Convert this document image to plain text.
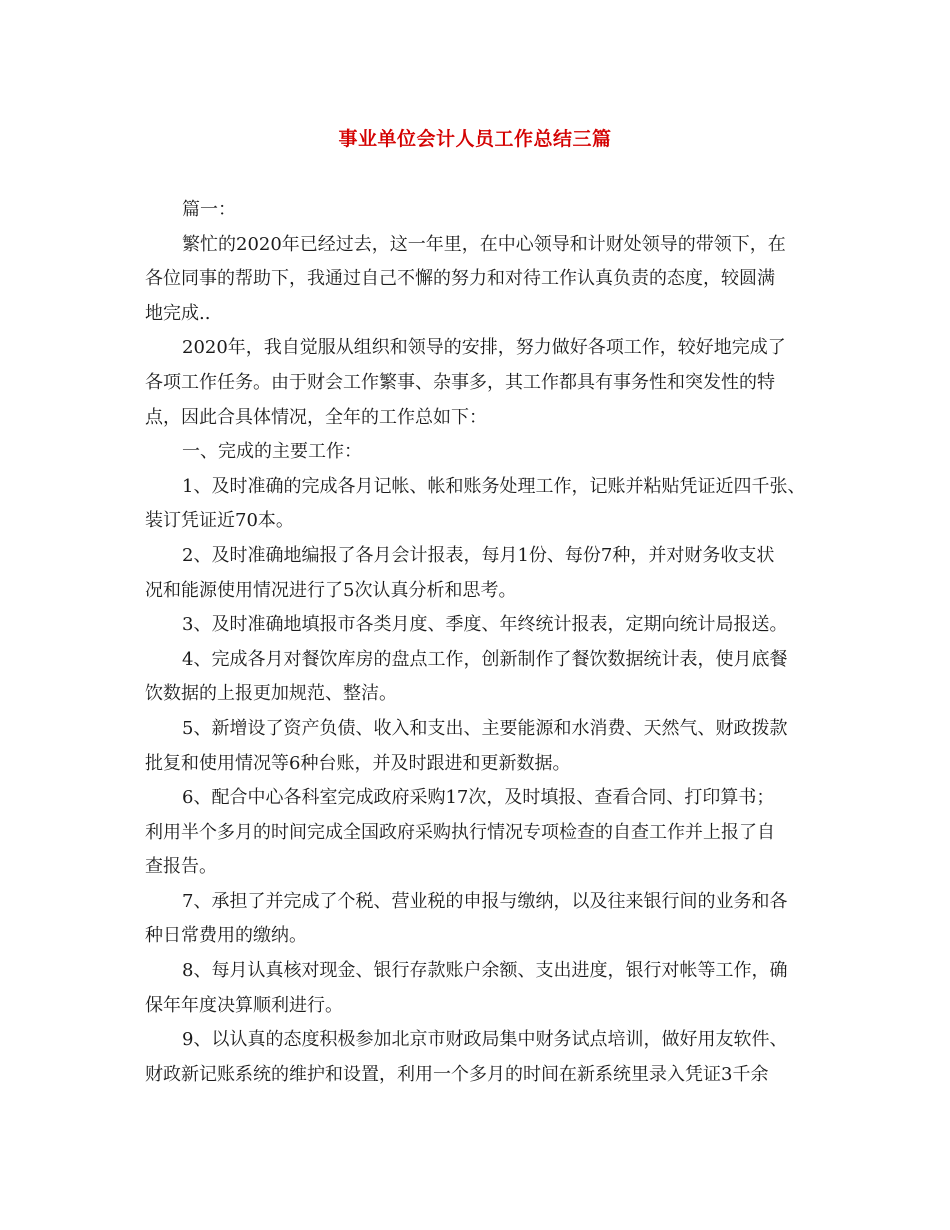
事业单位会计人员工作总结三篇
篇一：
繁忙的2020年已经过去，这一年里，在中心领导和计财处领导的带领下，在
各位同事的帮助下，我通过自己不懈的努力和对待工作认真负责的态度，较圆满
地完成..
2020年，我自觉服从组织和领导的安排，努力做好各项工作，较好地完成了
各项工作任务。由于财会工作繁事、杂事多，其工作都具有事务性和突发性的特
点，因此合具体情况，全年的工作总如下：
一、完成的主要工作：
1、及时准确的完成各月记帐、帐和账务处理工作，记账并粘贴凭证近四千张、
装订凭证近70本。
2、及时准确地编报了各月会计报表，每月1份、每份7种，并对财务收支状
况和能源使用情况进行了5次认真分析和思考。
3、及时准确地填报市各类月度、季度、年终统计报表，定期向统计局报送。
4、完成各月对餐饮库房的盘点工作，创新制作了餐饮数据统计表，使月底餐
饮数据的上报更加规范、整洁。
5、新增设了资产负债、收入和支出、主要能源和水消费、天然气、财政拨款
批复和使用情况等6种台账，并及时跟进和更新数据。
6、配合中心各科室完成政府采购17次，及时填报、查看合同、打印算书；
利用半个多月的时间完成全国政府采购执行情况专项检查的自查工作并上报了自
查报告。
7、承担了并完成了个税、营业税的申报与缴纳，以及往来银行间的业务和各
种日常费用的缴纳。
8、每月认真核对现金、银行存款账户余额、支出进度，银行对帐等工作，确
保年年度决算顺利进行。
9、以认真的态度积极参加北京市财政局集中财务试点培训，做好用友软件、
财政新记账系统的维护和设置，利用一个多月的时间在新系统里录入凭证3千余
